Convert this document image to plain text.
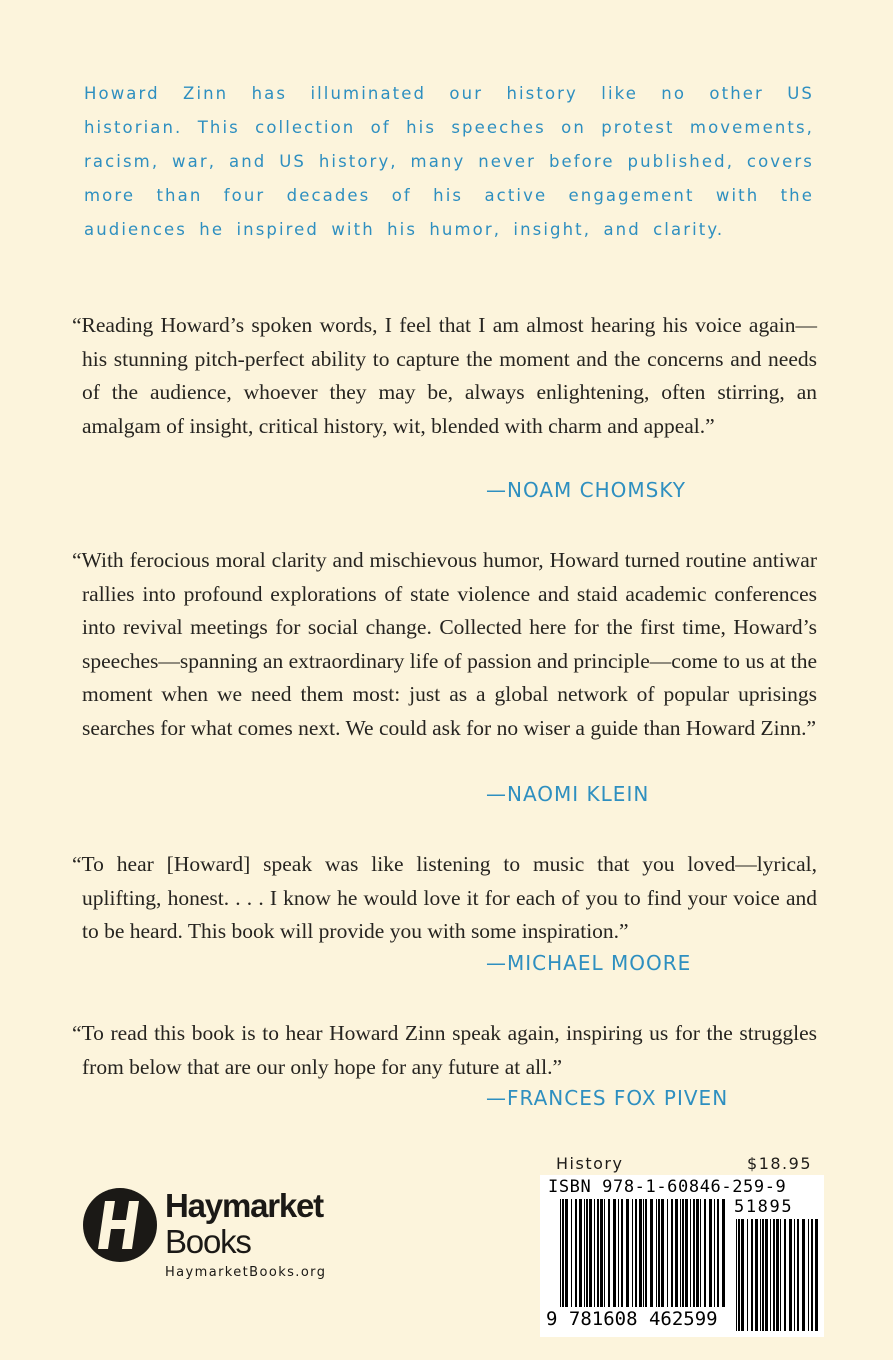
Howard Zinn has illuminated our history like no other US historian. This collection of his speeches on protest movements, racism, war, and US history, many never before published, covers more than four decades of his active engagement with the audiences he inspired with his humor, insight, and clarity.

“Reading Howard’s spoken words, I feel that I am almost hearing his voice again—his stunning pitch-perfect ability to capture the moment and the concerns and needs of the audience, whoever they may be, always enlightening, often stirring, an amalgam of insight, critical history, wit, blended with charm and appeal.”
—NOAM CHOMSKY
“With ferocious moral clarity and mischievous humor, Howard turned routine antiwar rallies into profound explorations of state violence and staid academic conferences into revival meetings for social change. Collected here for the first time, Howard’s speeches—spanning an extraordinary life of passion and principle—come to us at the moment when we need them most: just as a global network of popular uprisings searches for what comes next. We could ask for no wiser a guide than Howard Zinn.”
—NAOMI KLEIN
“To hear [Howard] speak was like listening to music that you loved—lyrical, uplifting, honest. . . . I know he would love it for each of you to find your voice and to be heard. This book will provide you with some inspiration.”
—MICHAEL MOORE
“To read this book is to hear Howard Zinn speak again, inspiring us for the struggles from below that are our only hope for any future at all.”
—FRANCES FOX PIVEN
Haymarket
Books
HaymarketBooks.org
History	$18.95
ISBN 978-1-60846-259-9
51895
9 781608 462599
